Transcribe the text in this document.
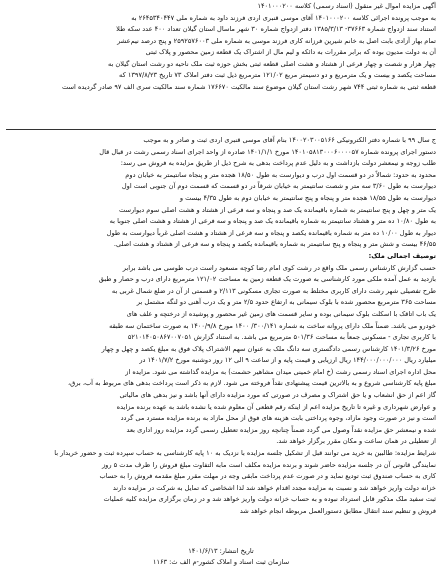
آگهی مزایده اموال غیر منقول (اسناد رسمی) کلاسه ۱۴۰۱۰۰۰۲۰۰
به موجب پرونده اجرائی کلاسه ۱۴۰۱۰۰۰۲۰۰ آقای موسی قنبری اردی فرزند داود به شماره ملی ۲۶۴۵۳۴۰۴۴۷ به
استناد سند ازدواج شماره ۳۷۶۶۳- ۱۳۸۵/۳/۱۳ دفتر ازدواج شماره ۳۰ شهر ماسال استان گیلان تعداد ۴۰۰ عدد سکه طلا
تمام بهار آزادی بابت اصل به خانم شیرین فرزانه کاری فرزند موسی به شماره ملی ۲۵۹۲۵۷۶۰۰۳ و پنج درصد نیم‌عشر
آن به دولت مدیون بوده که برابر مقررات به دائکه و لیم مال از اشتراک یک قطعه زمین محصور و پلاک ثبتی
چهار هزار و شصت و چهار فرعی از هشتاد و هشت اصلی قطعه ثبتی بخش حوزه ثبت ملک ناحیه دو رشت استان گیلان به
مساحت یکصد و بیست و یک مترمربع و دو دسیمتر مربع ۱۲۱/۰۲ مترمربع ذیل ثبت دفتر املاک ۷۳ تاریخ ۱۳۹۷/۸/۲۳ که
قطعه ثبتی به شماره ثبتی ۷۴۴ شهر رشت استان گیلان موضوع سند مالکیت ۱۷۶۶۷۰ شماره سند مالکیت سری الف ۹۷ صادر گردیده است
ج سال ۹۹ با شماره دفتر الکترونیکی ۱۴۰۰۲۰۳۰۰۵۱۶۶ بنام آقای موسی قنبری اردی ثبت و صادر و به موجب
دستور اجرای پرونده شماره ۱۴۰۱۰۵۸۱۳۰۰۰۶۰۰۰۰۵۷ مورخ ۱۴۰۱/۱/۱ صادره از واحد اجرای اسناد رسمی رشت در قبال قال
طلب زوجه و نیمعشر دولت بازداشت و به دلیل عدم پرداخت بدهی به شرح ذیل از طریق مزایده به فروش می رسد:
محدود به حدود: شمالاً در دو قسمت اول درب و دیوارست به طول ۱۸/۵۰ هجده متر و پنجاه سانتیمتر به خیابان دوم
دیوارست به طول ۳/۶۰ سه متر و شصت سانتیمتر به خیابان شرقاً در دو قسمت که قسمت دوم آن جنوبی است اول
دیوارست به طول ۱۸/۵۵ هجده متر و پنجاه و پنج سانتیمتر به خیابان دوم به طول ۴/۳۵ بیست و
یک متر و چهل و پنج سانتیمتر به شماره باقیمانده یک صد و پنجاه و سه فرعی از هشتاد و هشت اصلی سوم دیوارست
به طول ۱۰/۸۰ ده متر و هشتاد سانتیمتر به شماره باقیمانده یک صد و پنجاه و سه فرعی از هشتاد و هشت اصلی جنوبا به
دیوار به طول ۱۰/۰۰ ده متر به شماره باقیمانده یکصد و پنجاه و سه فرعی از هشتاد و هشت اصلی غرباً دیوارست به طول
۴۶/۵۵ بیست و شش متر و پنجاه و پنج سانتیمتر به شماره باقیمانده یکصد و پنجاه و سه فرعی از هشتاد و هشت اصلی.
توصیف اجمالی ملک:
حسب گزارش کارشناس رسمی ملک واقع در رشت کوی امام رضا کوچه مسعود راست درب طوسی می باشد برابر
بازدید به عمل آمده ملکی مورد کارشناسی به صورت یک قطعه زمین به مساحت ۱۲۱/۰۲ مترمربع دارای درب و حصار و طبق
طرح تفصیلی شهر رشت دارای کاربری مختلط به صورت تجاری مسکونی ۲/۱۱۳ و قسمتی از آن در ضلع شمال غربی به
مساحت ۳۶۵ مترمربع محصور شده با بلوک سیمانی به ارتفاع حدود ۲/۵ متر و یک درب آهنی دو لنگه مشتمل بر
یک باب اتاقک با اسکلت بلوک سیمانی بوده و سایر قسمت های زمین غیر محصور و پوشیده از درختچه و علف های
خودرو می باشد. ضمناً ملک دارای پروانه ساخت به شماره ۳۰۰/۱۴۱/ ۱۴۰۰ مورخ ۱۴۰۰/۹/۸ به صورت ساختمان سه طبقه
با کاربری تجاری - مسکونی جمعاً به مساحت ۵۰۱/۳۶ مترمربع می باشد. به استناد گزارش ۵۲۱۰۱۴۰۵۰۸۶۷۰۰۷۰۵۱
مورخ ۱۴۰۱/۳/۲۶ کارشناس رسمی دادگستری سه دانگ ملک به عنوان سهم الاشتراک پلاک فوق به مبلغ یکصد و چهل و چهار
میلیارد ریال ۱۴۴/۰۰۰/۰۰۰/۰۰۰ ریال ارزیابی و قیمت پایه و از ساعت ۹ الی ۱۲ روز دوشنبه مورخ ۱۴۰۱/۷/۲ در
محل اداره اجرای اسناد رسمی رشت (خ امام خمینی میدان مشاهیر حشمت) به مزایده گذاشته می شود. مزایده از
مبلغ پایه کارشناسی شروع و به بالاترین قیمت پیشنهادی نقداً فروخته می شود. لازم به ذکر است پرداخت بدهی های مربوط به آب، برق،
گاز اعم از حق انشعاب و یا حق اشتراک و مصرف در صورتی که مورد مزایده دارای آنها باشد و نیز بدهی های مالیاتی
و عوارض شهرداری و غیره تا تاریخ مزایده اعم از اینکه رقم قطعی آن معلوم شده یا نشده باشد به عهده برنده مزایده
است و نیز در صورت وجود مازاد، وجوه پرداختی بابت هزینه های فوق از محل مازاد به برنده مزایده مسترد می گردد
شده و نیمعشر حق مزایده نقداً وصول می گردد ضمناً چنانچه روز مزایده تعطیل رسمی گردد مزایده روز اداری بعد
از تعطیلی در همان ساعت و مکان مقرر برگزار خواهد شد.
شرایط مزایده: طالبین به خرید می توانند قبل از تشکیل جلسه مزایده با نزدیک به ۱۰ پایه کارشناسی به حساب سپرده ثبت و حضور خریدار با
نمایندگی قانونی آن در جلسه مزایده حاضر شوند و برنده مزایده مکلف است مابه التفاوت مبلغ فروش را ظرف مدت ۵ روز
کاری به حساب صندوق ثبت تودیع نماید و در صورت عدم پرداخت مابقی وجه در مهلت مقرر مبلغ مقدمه فروش را به حساب
خزانه دولت واریز خواهد شد و نسبت به مزایده مجدد اقدام خواهد شد لذا اشخاصی که تمایل به شرکت در مزایده دارند
ثبت سفید ملک مذکور قابل استرداد نبوده و به حساب خزانه دولت واریز خواهد شد و در زمان برگزاری مزایده کلیه عملیات
فروش و تنظیم سند انتقال مطابق دستورالعمل مربوطه انجام خواهد شد
تاریخ انتشار: ۱۴۰۱/۶/۱۳
سازمان ثبت اسناد و املاک کشور-م الف ث: ۱۱۶۳
